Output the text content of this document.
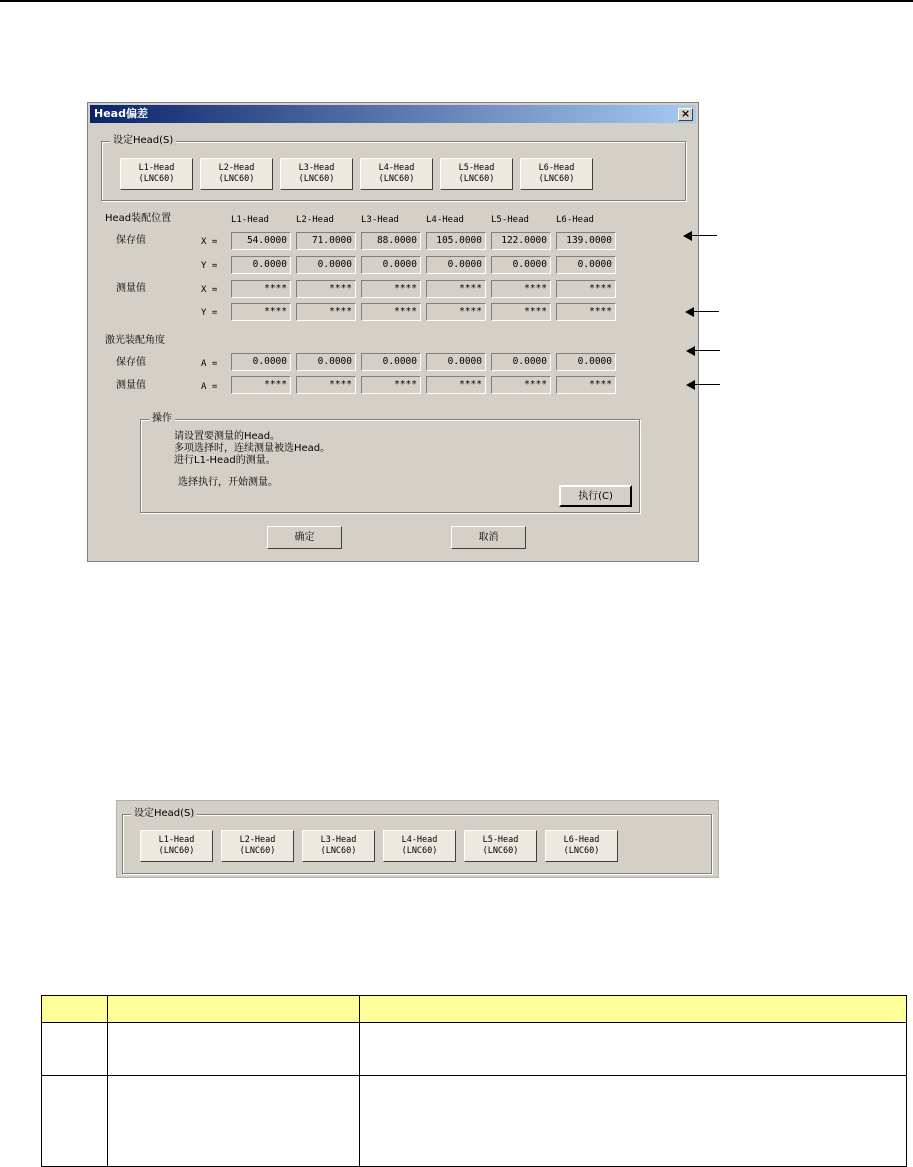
Head偏差	×
设定Head(S)
L1-Head
(LNC60)
L2-Head
(LNC60)
L3-Head
(LNC60)
L4-Head
(LNC60)
L5-Head
(LNC60)
L6-Head
(LNC60)
Head装配位置	L1-Head	L2-Head	L3-Head	L4-Head	L5-Head	L6-Head
保存值	X =	54.0000	71.0000	88.0000	105.0000	122.0000	139.0000
Y =	0.0000	0.0000	0.0000	0.0000	0.0000	0.0000
测量值	X =	****	****	****	****	****	****
Y =	****	****	****	****	****	****
激光装配角度
保存值	A =	0.0000	0.0000	0.0000	0.0000	0.0000	0.0000
测量值	A =	****	****	****	****	****	****
操作
请设置要测量的Head。
多项选择时，连续测量被选Head。
进行L1-Head的测量。
选择执行，开始测量。
执行(C)
确定	取消
设定Head(S)
L1-Head
(LNC60)
L2-Head
(LNC60)
L3-Head
(LNC60)
L4-Head
(LNC60)
L5-Head
(LNC60)
L6-Head
(LNC60)
